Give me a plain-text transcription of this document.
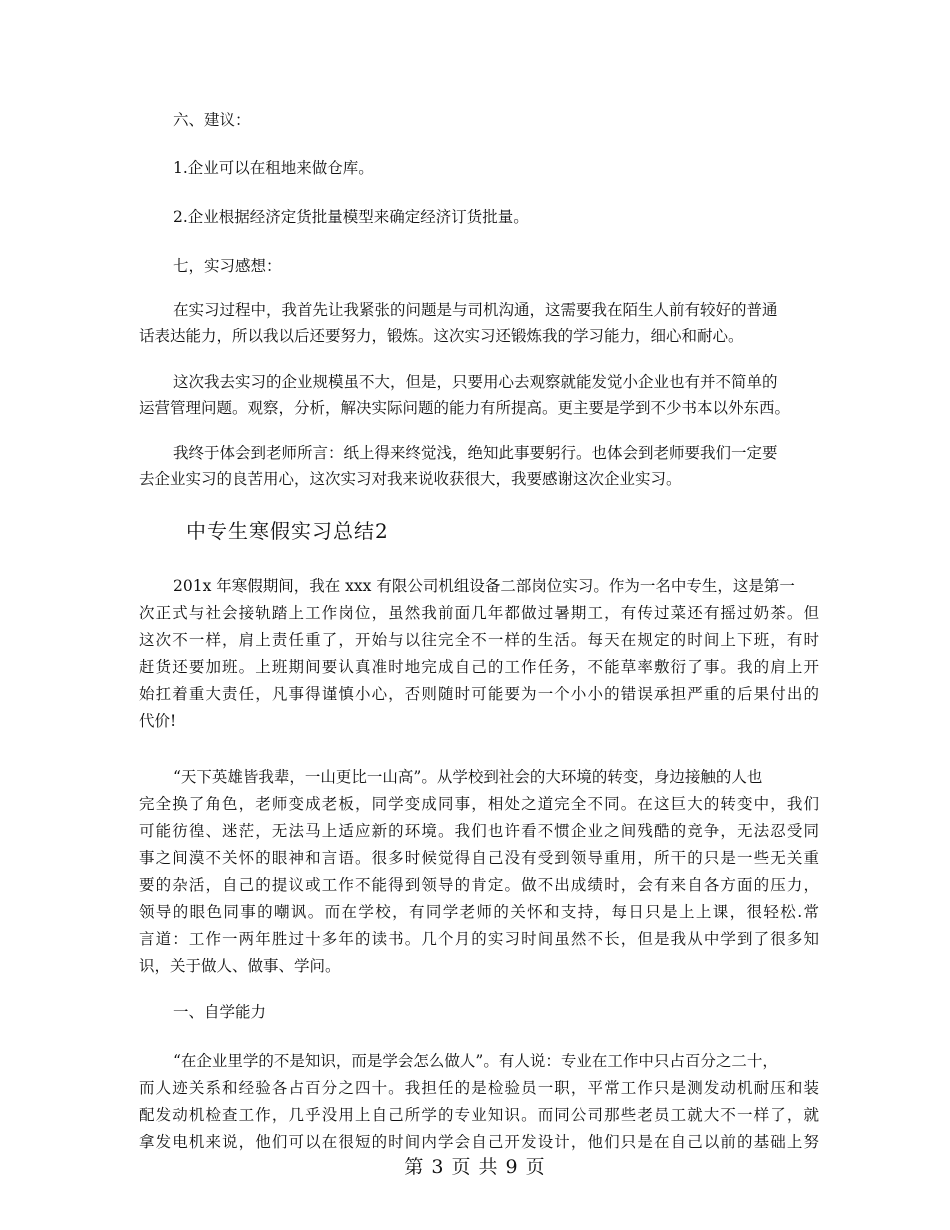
六、建议：
1.企业可以在租地来做仓库。
2.企业根据经济定货批量模型来确定经济订货批量。
七，实习感想：
在实习过程中，我首先让我紧张的问题是与司机沟通，这需要我在陌生人前有较好的普通
话表达能力，所以我以后还要努力，锻炼。这次实习还锻炼我的学习能力，细心和耐心。
这次我去实习的企业规模虽不大，但是，只要用心去观察就能发觉小企业也有并不简单的
运营管理问题。观察，分析，解决实际问题的能力有所提高。更主要是学到不少书本以外东西。
我终于体会到老师所言：纸上得来终觉浅，绝知此事要躬行。也体会到老师要我们一定要
去企业实习的良苦用心，这次实习对我来说收获很大，我要感谢这次企业实习。
中专生寒假实习总结2
201x 年寒假期间，我在 xxx 有限公司机组设备二部岗位实习。作为一名中专生，这是第一
次正式与社会接轨踏上工作岗位，虽然我前面几年都做过暑期工，有传过菜还有摇过奶茶。但
这次不一样，肩上责任重了，开始与以往完全不一样的生活。每天在规定的时间上下班，有时
赶货还要加班。上班期间要认真准时地完成自己的工作任务，不能草率敷衍了事。我的肩上开
始扛着重大责任，凡事得谨慎小心，否则随时可能要为一个小小的错误承担严重的后果付出的
代价!
“天下英雄皆我辈，一山更比一山高”。从学校到社会的大环境的转变，身边接触的人也
完全换了角色，老师变成老板，同学变成同事，相处之道完全不同。在这巨大的转变中，我们
可能彷徨、迷茫，无法马上适应新的环境。我们也许看不惯企业之间残酷的竞争，无法忍受同
事之间漠不关怀的眼神和言语。很多时候觉得自己没有受到领导重用，所干的只是一些无关重
要的杂活，自己的提议或工作不能得到领导的肯定。做不出成绩时，会有来自各方面的压力，
领导的眼色同事的嘲讽。而在学校，有同学老师的关怀和支持，每日只是上上课，很轻松.常
言道：工作一两年胜过十多年的读书。几个月的实习时间虽然不长，但是我从中学到了很多知
识，关于做人、做事、学问。
一、自学能力
“在企业里学的不是知识，而是学会怎么做人”。有人说：专业在工作中只占百分之二十，
而人迹关系和经验各占百分之四十。我担任的是检验员一职，平常工作只是测发动机耐压和装
配发动机检查工作，几乎没用上自己所学的专业知识。而同公司那些老员工就大不一样了，就
拿发电机来说，他们可以在很短的时间内学会自己开发设计，他们只是在自己以前的基础上努
第 3 页 共 9 页
